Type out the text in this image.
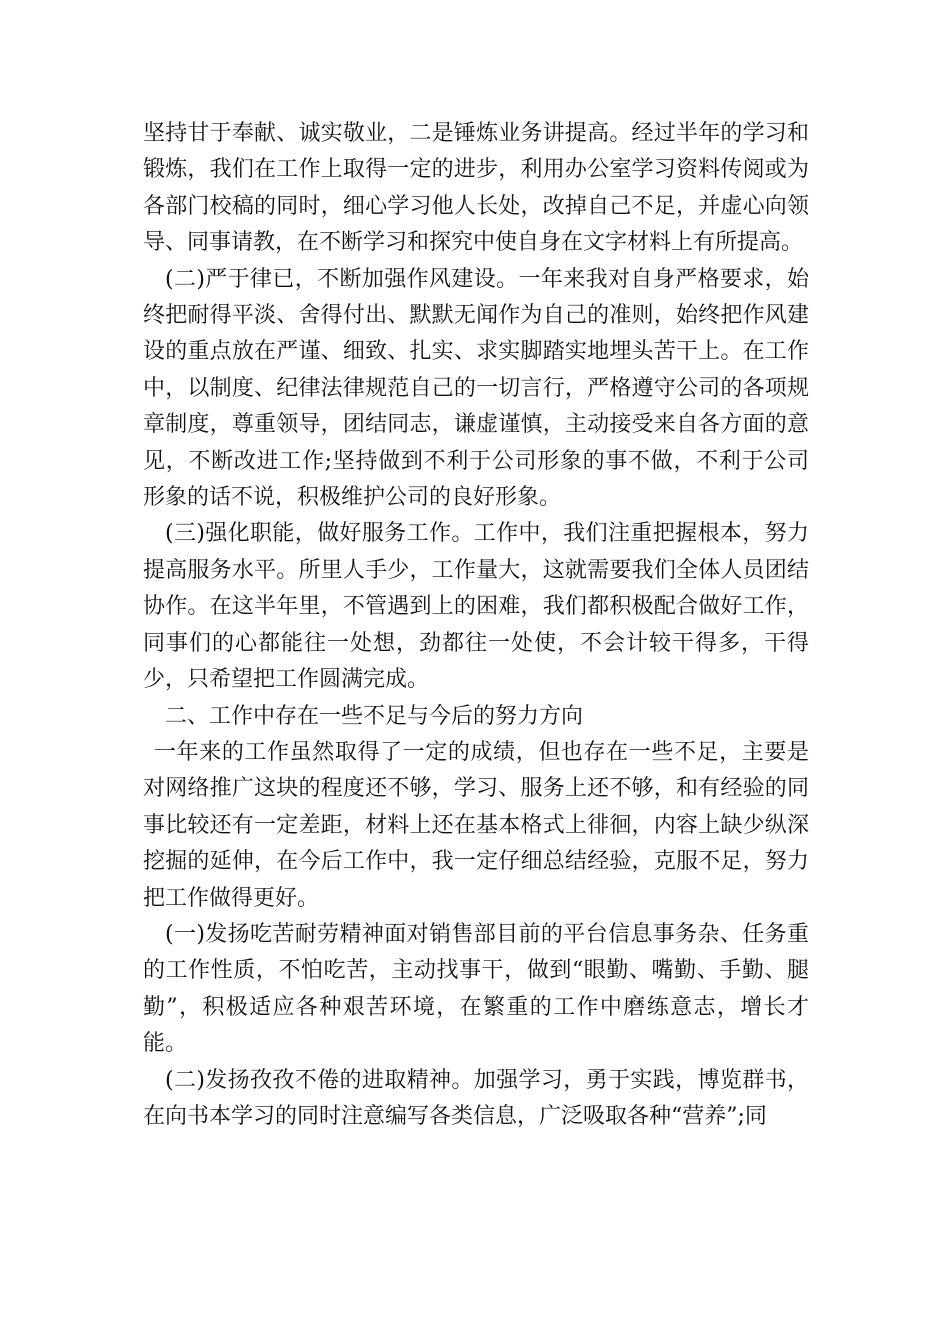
坚持甘于奉献、诚实敬业，二是锤炼业务讲提高。经过半年的学习和锻炼，我们在工作上取得一定的进步，利用办公室学习资料传阅或为各部门校稿的同时，细心学习他人长处，改掉自己不足，并虚心向领导、同事请教，在不断学习和探究中使自身在文字材料上有所提高。

(二)严于律已，不断加强作风建设。一年来我对自身严格要求，始终把耐得平淡、舍得付出、默默无闻作为自己的准则，始终把作风建设的重点放在严谨、细致、扎实、求实脚踏实地埋头苦干上。在工作中，以制度、纪律法律规范自己的一切言行，严格遵守公司的各项规章制度，尊重领导，团结同志，谦虚谨慎，主动接受来自各方面的意见，不断改进工作;坚持做到不利于公司形象的事不做，不利于公司形象的话不说，积极维护公司的良好形象。

(三)强化职能，做好服务工作。工作中，我们注重把握根本，努力提高服务水平。所里人手少，工作量大，这就需要我们全体人员团结协作。在这半年里，不管遇到上的困难，我们都积极配合做好工作，同事们的心都能往一处想，劲都往一处使，不会计较干得多，干得少，只希望把工作圆满完成。

二、工作中存在一些不足与今后的努力方向

一年来的工作虽然取得了一定的成绩，但也存在一些不足，主要是对网络推广这块的程度还不够，学习、服务上还不够，和有经验的同事比较还有一定差距，材料上还在基本格式上徘徊，内容上缺少纵深挖掘的延伸，在今后工作中，我一定仔细总结经验，克服不足，努力把工作做得更好。

(一)发扬吃苦耐劳精神面对销售部目前的平台信息事务杂、任务重的工作性质，不怕吃苦，主动找事干，做到“眼勤、嘴勤、手勤、腿勤”，积极适应各种艰苦环境，在繁重的工作中磨练意志，增长才能。

(二)发扬孜孜不倦的进取精神。加强学习，勇于实践，博览群书，在向书本学习的同时注意编写各类信息，广泛吸取各种“营养”;同
